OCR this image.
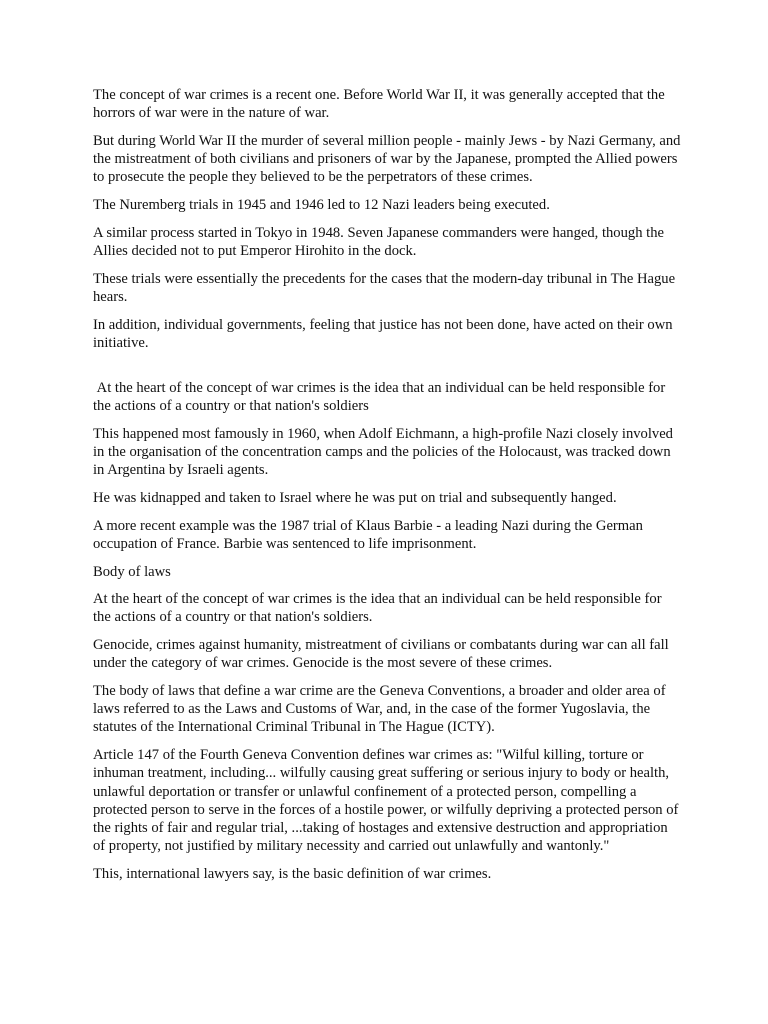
The concept of war crimes is a recent one. Before World War II, it was generally accepted that the horrors of war were in the nature of war.

But during World War II the murder of several million people - mainly Jews - by Nazi Germany, and the mistreatment of both civilians and prisoners of war by the Japanese, prompted the Allied powers to prosecute the people they believed to be the perpetrators of these crimes.

The Nuremberg trials in 1945 and 1946 led to 12 Nazi leaders being executed.

A similar process started in Tokyo in 1948. Seven Japanese commanders were hanged, though the Allies decided not to put Emperor Hirohito in the dock.

These trials were essentially the precedents for the cases that the modern-day tribunal in The Hague hears.

In addition, individual governments, feeling that justice has not been done, have acted on their own initiative.

At the heart of the concept of war crimes is the idea that an individual can be held responsible for the actions of a country or that nation's soldiers

This happened most famously in 1960, when Adolf Eichmann, a high-profile Nazi closely involved in the organisation of the concentration camps and the policies of the Holocaust, was tracked down in Argentina by Israeli agents.

He was kidnapped and taken to Israel where he was put on trial and subsequently hanged.

A more recent example was the 1987 trial of Klaus Barbie - a leading Nazi during the German occupation of France. Barbie was sentenced to life imprisonment.

Body of laws

At the heart of the concept of war crimes is the idea that an individual can be held responsible for the actions of a country or that nation's soldiers.

Genocide, crimes against humanity, mistreatment of civilians or combatants during war can all fall under the category of war crimes. Genocide is the most severe of these crimes.

The body of laws that define a war crime are the Geneva Conventions, a broader and older area of laws referred to as the Laws and Customs of War, and, in the case of the former Yugoslavia, the statutes of the International Criminal Tribunal in The Hague (ICTY).

Article 147 of the Fourth Geneva Convention defines war crimes as: "Wilful killing, torture or inhuman treatment, including... wilfully causing great suffering or serious injury to body or health, unlawful deportation or transfer or unlawful confinement of a protected person, compelling a protected person to serve in the forces of a hostile power, or wilfully depriving a protected person of the rights of fair and regular trial, ...taking of hostages and extensive destruction and appropriation of property, not justified by military necessity and carried out unlawfully and wantonly."

This, international lawyers say, is the basic definition of war crimes.
